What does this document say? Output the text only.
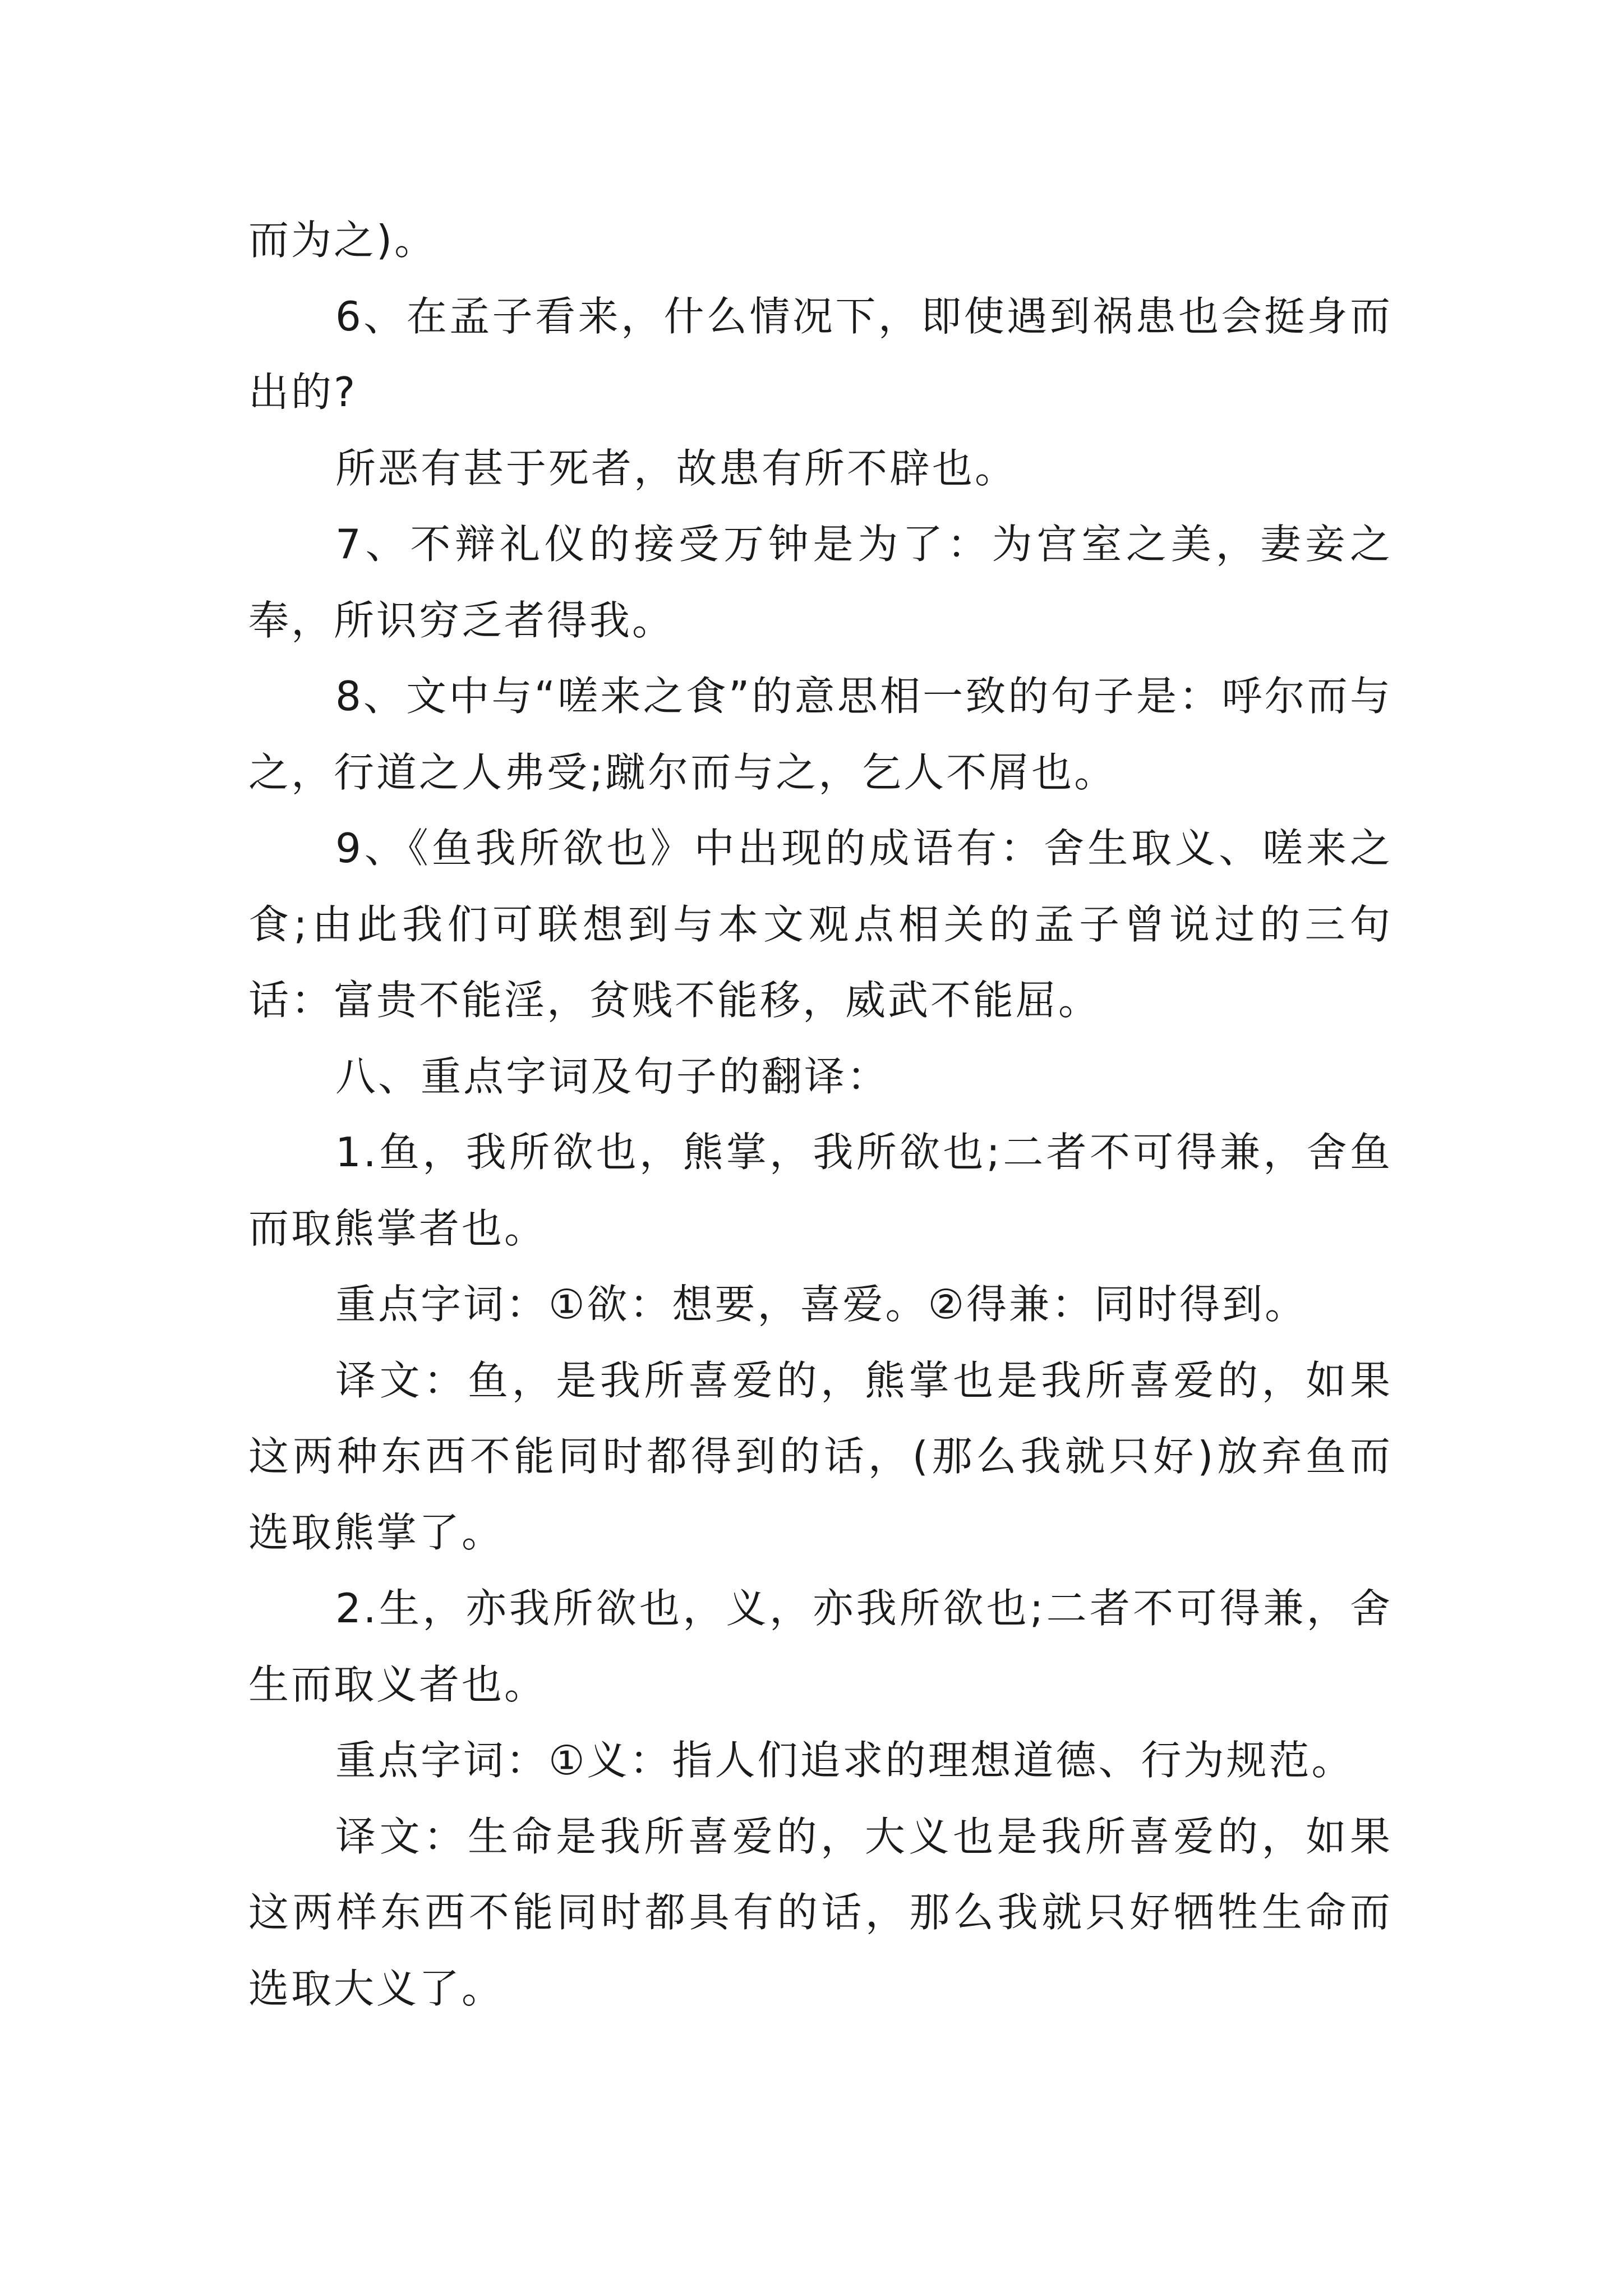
而为之)。

6、在孟子看来，什么情况下，即使遇到祸患也会挺身而出的?

所恶有甚于死者，故患有所不辟也。

7、不辩礼仪的接受万钟是为了：为宫室之美，妻妾之奉，所识穷乏者得我。

8、文中与“嗟来之食”的意思相一致的句子是：呼尔而与之，行道之人弗受;蹴尔而与之，乞人不屑也。

9、《鱼我所欲也》中出现的成语有：舍生取义、嗟来之食;由此我们可联想到与本文观点相关的孟子曾说过的三句话：富贵不能淫，贫贱不能移，威武不能屈。

八、重点字词及句子的翻译：

1.鱼，我所欲也，熊掌，我所欲也;二者不可得兼，舍鱼而取熊掌者也。

重点字词：①欲：想要，喜爱。②得兼：同时得到。

译文：鱼，是我所喜爱的，熊掌也是我所喜爱的，如果这两种东西不能同时都得到的话，(那么我就只好)放弃鱼而选取熊掌了。

2.生，亦我所欲也，义，亦我所欲也;二者不可得兼，舍生而取义者也。

重点字词：①义：指人们追求的理想道德、行为规范。

译文：生命是我所喜爱的，大义也是我所喜爱的，如果这两样东西不能同时都具有的话，那么我就只好牺牲生命而选取大义了。
